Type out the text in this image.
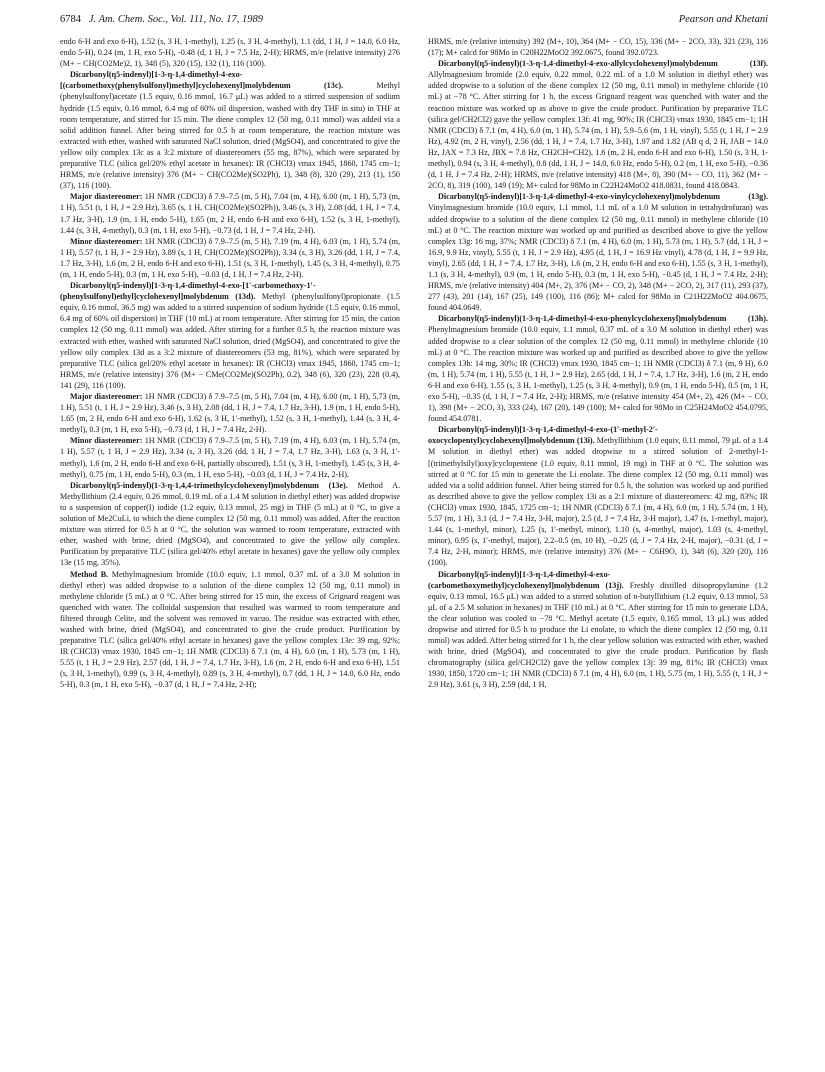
6784 J. Am. Chem. Soc., Vol. 111, No. 17, 1989	Pearson and Khetani

endo 6-H and exo 6-H), 1.52 (s, 3 H, 1-methyl), 1.25 (s, 3 H, 4-methyl), 1.1 (dd, 1 H, J = 14.0, 6.0 Hz, endo 5-H), 0.24 (m, 1 H, exo 5-H), -0.48 (d, 1 H, J = 7.5 Hz, 2-H); HRMS, m/e (relative intensity) 276 (M+ − CH(CO2Me)2, 1), 348 (5), 320 (15), 132 (1), 116 (100).

Dicarbonyl(η5-indenyl)[1-3-η-1,4-dimethyl-4-exo-[(carbomethoxy(phenylsulfonyl)methyl]cyclohexenyl]molybdenum (13c).	Methyl (phenylsulfonyl)acetate (1.5 equiv, 0.16 mmol, 16.7 μL) was added to a stirred suspension of sodium hydride (1.5 equiv, 0.16 mmol, 6.4 mg of 60% oil dispersion, washed with dry THF in situ) in THF at room temperature, and stirred for 15 min. The diene complex 12 (50 mg, 0.11 mmol) was added via a solid addition funnel. After being stirred for 0.5 h at room temperature, the reaction mixture was extracted with ether, washed with saturated NaCl solution, dried (MgSO4), and concentrated to give the yellow oily complex 13c as a 3:2 mixture of diastereomers (55 mg, 87%), which were separated by preparative TLC (silica gel/20% ethyl acetate in hexanes): IR (CHCl3) νmax 1945, 1860, 1745 cm−1; HRMS, m/e (relative intensity) 376 (M+ − CH(CO2Me)(SO2Ph), 1), 348 (8), 320 (29), 213 (1), 150 (37), 116 (100).

Major diastereomer: 1H NMR (CDCl3) δ 7.9–7.5 (m, 5 H), 7.04 (m, 4 H), 6.00 (m, 1 H), 5.73 (m, 1 H), 5.51 (t, 1 H, J = 2.9 Hz), 3.65 (s, 1 H, CH(CO2Me)(SO2Ph)), 3.46 (s, 3 H), 2.08 (dd, 1 H, J = 7.4, 1.7 Hz, 3-H), 1.9 (m, 1 H, endo 5-H), 1.65 (m, 2 H, endo 6-H and exo 6-H), 1.52 (s, 3 H, 1-methyl), 1.44 (s, 3 H, 4-methyl), 0.3 (m, 1 H, exo 5-H), −0.73 (d, 1 H, J = 7.4 Hz, 2-H).

Minor diastereomer: 1H NMR (CDCl3) δ 7.9–7.5 (m, 5 H), 7.19 (m, 4 H), 6.03 (m, 1 H), 5.74 (m, 1 H), 5.57 (t, 1 H, J = 2.9 Hz), 3.89 (s, 1 H, CH(CO2Me)(SO2Ph)), 3.34 (s, 3 H), 3.26 (dd, 1 H, J = 7.4, 1.7 Hz, 3-H), 1.6 (m, 2 H, endo 6-H and exo 6-H), 1.51 (s, 3 H, 1-methyl), 1.45 (s, 3 H, 4-methyl), 0.75 (m, 1 H, endo 5-H), 0.3 (m, 1 H, exo 5-H), −0.03 (d, 1 H, J = 7.4 Hz, 2-H).

Dicarbonyl(η5-indenyl)[1-3-η-1,4-dimethyl-4-exo-[1′-carbomethoxy-1′-(phenylsulfonyl)ethyl]cyclohexenyl]molybdenum (13d). Methyl (phenylsulfonyl)propionate (1.5 equiv, 0.16 mmol, 36.5 mg) was added to a stirred suspension of sodium hydride (1.5 equiv, 0.16 mmol, 6.4 mg of 60% oil dispersion) in THF (10 mL) at room temperature. After stirring for 15 min, the cation complex 12 (50 mg, 0.11 mmol) was added. After stirring for a further 0.5 h, the reaction mixture was extracted with ether, washed with saturated NaCl solution, dried (MgSO4), and concentrated to give the yellow oily complex 13d as a 3:2 mixture of diastereomers (53 mg, 81%), which were separated by preparative TLC (silica gel/20% ethyl acetate in hexanes): IR (CHCl3) νmax 1945, 1860, 1745 cm−1; HRMS, m/e (relative intensity) 376 (M+ − CMe(CO2Me)(SO2Ph), 0.2), 348 (6), 320 (23), 228 (0.4), 141 (29), 116 (100).

Major diastereomer: 1H NMR (CDCl3) δ 7.9–7.5 (m, 5 H), 7.04 (m, 4 H), 6.00 (m, 1 H), 5.73 (m, 1 H), 5.51 (t, 1 H, J = 2.9 Hz), 3.46 (s, 3 H), 2.08 (dd, 1 H, J = 7.4, 1.7 Hz, 3-H), 1.9 (m, 1 H, endo 5-H), 1.65 (m, 2 H, endo 6-H and exo 6-H), 1.62 (s, 3 H, 1′-methyl), 1.52 (s, 3 H, 1-methyl), 1.44 (s, 3 H, 4-methyl), 0.3 (m, 1 H, exo 5-H), −0.73 (d, 1 H, J = 7.4 Hz, 2-H).

Minor diastereomer: 1H NMR (CDCl3) δ 7.9–7.5 (m, 5 H), 7.19 (m, 4 H), 6.03 (m, 1 H), 5.74 (m, 1 H), 5.57 (t, 1 H, J = 2.9 Hz), 3.34 (s, 3 H), 3.26 (dd, 1 H, J = 7.4, 1.7 Hz, 3-H), 1.63 (s, 3 H, 1′-methyl), 1.6 (m, 2 H, endo 6-H and exo 6-H, partially obscured), 1.51 (s, 3 H, 1-methyl), 1.45 (s, 3 H, 4-methyl), 0.75 (m, 1 H, endo 5-H), 0.3 (m, 1 H, exo 5-H), −0.03 (d, 1 H, J = 7.4 Hz, 2-H).

Dicarbonyl(η5-indenyl)(1-3-η-1,4,4-trimethylcyclohexenyl)molybdenum (13e). Method A. Methyllithium (2.4 equiv, 0.26 mmol, 0.19 mL of a 1.4 M solution in diethyl ether) was added dropwise to a suspension of copper(I) iodide (1.2 equiv, 0.13 mmol, 25 mg) in THF (5 mL) at 0 °C, to give a solution of Me2CuLi, to which the diene complex 12 (50 mg, 0.11 mmol) was added. After the reaction mixture was stirred for 0.5 h at 0 °C, the solution was warmed to room temperature, extracted with ether, washed with brine, dried (MgSO4), and concentrated to give the yellow oily complex. Purification by preparative TLC (silica gel/40% ethyl acetate in hexanes) gave the yellow oily complex 13e (15 mg, 35%).

Method B. Methylmagnesium bromide (10.0 equiv, 1.1 mmol, 0.37 mL of a 3.0 M solution in diethyl ether) was added dropwise to a solution of the diene complex 12 (50 mg, 0.11 mmol) in methylene chloride (5 mL) at 0 °C. After being stirred for 15 min, the excess of Grignard reagent was quenched with water. The colloidal suspension that resulted was warmed to room temperature and filtered through Celite, and the solvent was removed in vacuo. The residue was extracted with ether, washed with brine, dried (MgSO4), and concentrated to give the crude product. Purification by preparative TLC (silica gel/40% ethyl acetate in hexanes) gave the yellow complex 13e: 39 mg, 92%; IR (CHCl3) νmax 1930, 1845 cm−1; 1H NMR (CDCl3) δ 7.1 (m, 4 H), 6.0 (m, 1 H), 5.73 (m, 1 H), 5.55 (t, 1 H, J = 2.9 Hz), 2.57 (dd, 1 H, J = 7.4, 1.7 Hz, 3-H), 1.6 (m, 2 H, endo 6-H and exo 6-H), 1.51 (s, 3 H, 1-methyl), 0.99 (s, 3 H, 4-methyl), 0.89 (s, 3 H, 4-methyl), 0.7 (dd, 1 H, J = 14.0, 6.0 Hz, endo 5-H), 0.3 (m, 1 H, exo 5-H), −0.37 (d, 1 H, J = 7.4 Hz, 2-H);

HRMS, m/e (relative intensity) 392 (M+, 10), 364 (M+ − CO, 15), 336 (M+ − 2CO, 33), 321 (23), 116 (17); M+ calcd for 98Mo in C20H22MoO2 392.0675, found 392.0723.

Dicarbonyl(η5-indenyl)(1-3-η-1,4-dimethyl-4-exo-allylcyclohexenyl)molybdenum (13f). Allylmagnesium bromide (2.0 equiv, 0.22 mmol, 0.22 mL of a 1.0 M solution in diethyl ether) was added dropwise to a solution of the diene complex 12 (50 mg, 0.11 mmol) in methylene chloride (10 mL) at −78 °C. After stirring for 1 h, the excess Grignard reagent was quenched with water and the reaction mixture was worked up as above to give the crude product. Purification by preparative TLC (silica gel/CH2Cl2) gave the yellow complex 13f: 41 mg, 90%; IR (CHCl3) νmax 1930, 1845 cm−1; 1H NMR (CDCl3) δ 7.1 (m, 4 H), 6.0 (m, 1 H), 5.74 (m, 1 H), 5.9–5.6 (m, 1 H, vinyl), 5.55 (t, 1 H, J = 2.9 Hz), 4.92 (m, 2 H, vinyl), 2.56 (dd, 1 H, J = 7.4, 1.7 Hz, 3-H), 1.97 and 1.82 (AB q d, 2 H, JAB = 14.0 Hz, JAX = 7.3 Hz, JBX = 7.8 Hz, CH2CH=CH2), 1.6 (m, 2 H, endo 6-H and exo 6-H), 1.50 (s, 3 H, 1-methyl), 0.94 (s, 3 H, 4-methyl), 0.8 (dd, 1 H, J = 14.0, 6.0 Hz, endo 5-H), 0.2 (m, 1 H, exo 5-H), −0.36 (d, 1 H, J = 7.4 Hz, 2-H); HRMS, m/e (relative intensity) 418 (M+, 8), 390 (M+ − CO, 11), 362 (M+ − 2CO, 8), 319 (100), 149 (19); M+ calcd for 98Mo in C22H24MoO2 418.0831, found 418.0843.

Dicarbonyl(η5-indenyl)[1-3-η-1,4-dimethyl-4-exo-vinylcyclohexenyl)molybdenum (13g). Vinylmagnesium bromide (10.0 equiv, 1.1 mmol, 1.1 mL of a 1.0 M solution in tetrahydrofuran) was added dropwise to a solution of the diene complex 12 (50 mg, 0.11 mmol) in methylene chloride (10 mL) at 0 °C. The reaction mixture was worked up and purified as described above to give the yellow complex 13g: 16 mg, 37%; NMR (CDCl3) δ 7.1 (m, 4 H), 6.0 (m, 1 H), 5.73 (m, 1 H), 5.7 (dd, 1 H, J = 16.9, 9.9 Hz, vinyl), 5.55 (t, 1 H, J = 2.9 Hz), 4.95 (d, 1 H, J = 16.9 Hz vinyl), 4.78 (d, 1 H, J = 9.9 Hz, vinyl), 2.65 (dd, 1 H, J = 7.4, 1.7 Hz, 3-H), 1.6 (m, 2 H, endo 6-H and exo 6-H), 1.55 (s, 3 H, 1-methyl), 1.1 (s, 3 H, 4-methyl), 0.9 (m, 1 H, endo 5-H), 0.3 (m, 1 H, exo 5-H), −0.45 (d, 1 H, J = 7.4 Hz, 2-H); HRMS, m/e (relative intensity) 404 (M+, 2), 376 (M+ − CO, 2), 348 (M+ − 2CO, 2), 317 (11), 293 (37), 277 (43), 201 (14), 167 (25), 149 (100), 116 (86); M+ calcd for 98Mo in C21H22MoO2 404.0675, found 404.0649.

Dicarbonyl(η5-indenyl)(1-3-η-1,4-dimethyl-4-exo-phenylcyclohexenyl)molybdenum (13h). Phenylmagnesium bromide (10.0 equiv, 1.1 mmol, 0.37 mL of a 3.0 M solution in diethyl ether) was added dropwise to a clear solution of the complex 12 (50 mg, 0.11 mmol) in methylene chloride (10 mL) at 0 °C. The reaction mixture was worked up and purified as described above to give the yellow complex 13h: 14 mg, 30%; IR (CHCl3) νmax 1930, 1845 cm−1; 1H NMR (CDCl3) δ 7.1 (m, 9 H), 6.0 (m, 1 H), 5.74 (m, 1 H), 5.55 (t, 1 H, J = 2.9 Hz), 2.65 (dd, 1 H, J = 7.4, 1.7 Hz, 3-H), 1.6 (m, 2 H, endo 6-H and exo 6-H), 1.55 (s, 3 H, 1-methyl), 1.25 (s, 3 H, 4-methyl), 0.9 (m, 1 H, endo 5-H), 0.5 (m, 1 H, exo 5-H), −0.35 (d, 1 H, J = 7.4 Hz, 2-H); HRMS, m/e (relative intensity 454 (M+, 2), 426 (M+ − CO, 1), 398 (M+ − 2CO, 3), 333 (24), 167 (20), 149 (100); M+ calcd for 98Mo in C25H24MoO2 454.0795, found 454.0781.

Dicarbonyl(η5-indenyl)[1-3-η-1,4-dimethyl-4-exo-(1′-methyl-2′-oxocyclopentyl)cyclohexenyl]molybdenum (13i). Methyllithium (1.0 equiv, 0.11 mmol, 79 μL of a 1.4 M solution in diethyl ether) was added dropwise to a stirred solution of 2-methyl-1-[(trimethylsilyl)oxy]cyclopentene (1.0 equiv, 0.11 mmol, 19 mg) in THF at 0 °C. The solution was stirred at 0 °C for 15 min to generate the Li enolate. The diene complex 12 (50 mg, 0.11 mmol) was added via a solid addition funnel. After being stirred for 0.5 h, the solution was worked up and purified as described above to give the yellow complex 13i as a 2:1 mixture of diastereomers: 42 mg, 83%; IR (CHCl3) νmax 1930, 1845, 1725 cm−1; 1H NMR (CDCl3) δ 7.1 (m, 4 H), 6.0 (m, 1 H), 5.74 (m, 1 H), 5.57 (m, 1 H), 3.1 (d, J = 7.4 Hz, 3-H, major), 2.5 (d, J = 7.4 Hz, 3-H major), 1.47 (s, 1-methyl, major), 1.44 (s, 1-methyl, minor), 1.25 (s, 1′-methyl, minor), 1.10 (s, 4-methyl, major), 1.03 (s, 4-methyl, minor), 0.95 (s, 1′-methyl, major), 2.2–0.5 (m, 10 H), −0.25 (d, J = 7.4 Hz, 2-H, major), −0.31 (d, J = 7.4 Hz, 2-H, minor); HRMS, m/e (relative intensity) 376 (M+ − C6H9O, 1), 348 (6), 320 (20), 116 (100).

Dicarbonyl(η5-indenyl)[1-3-η-1,4-dimethyl-4-exo-(carbomethoxymethyl)cyclohexenyl]molybdenum (13j). Freshly distilled diisopropylamine (1.2 equiv, 0.13 mmol, 16.5 μL) was added to a stirred solution of n-butyllithium (1.2 equiv, 0.13 mmol, 53 μL of a 2.5 M solution in hexanes) in THF (10 mL) at 0 °C. After stirring for 15 min to generate LDA, the clear solution was cooled to −78 °C. Methyl acetate (1.5 equiv, 0.165 mmol, 13 μL) was added dropwise and stirred for 0.5 h to produce the Li enolate, to which the diene complex 12 (50 mg, 0.11 mmol) was added. After being stirred for 1 h, the clear yellow solution was extracted with ether, washed with brine, dried (MgSO4), and concentrated to give the crude product. Purification by flash chromatography (silica gel/CH2Cl2) gave the yellow complex 13j: 39 mg, 81%; IR (CHCl3) νmax 1930, 1850, 1720 cm−1; 1H NMR (CDCl3) δ 7.1 (m, 4 H), 6.0 (m, 1 H), 5.75 (m, 1 H), 5.55 (t, 1 H, J = 2.9 Hz), 3.61 (s, 3 H), 2.59 (dd, 1 H,
